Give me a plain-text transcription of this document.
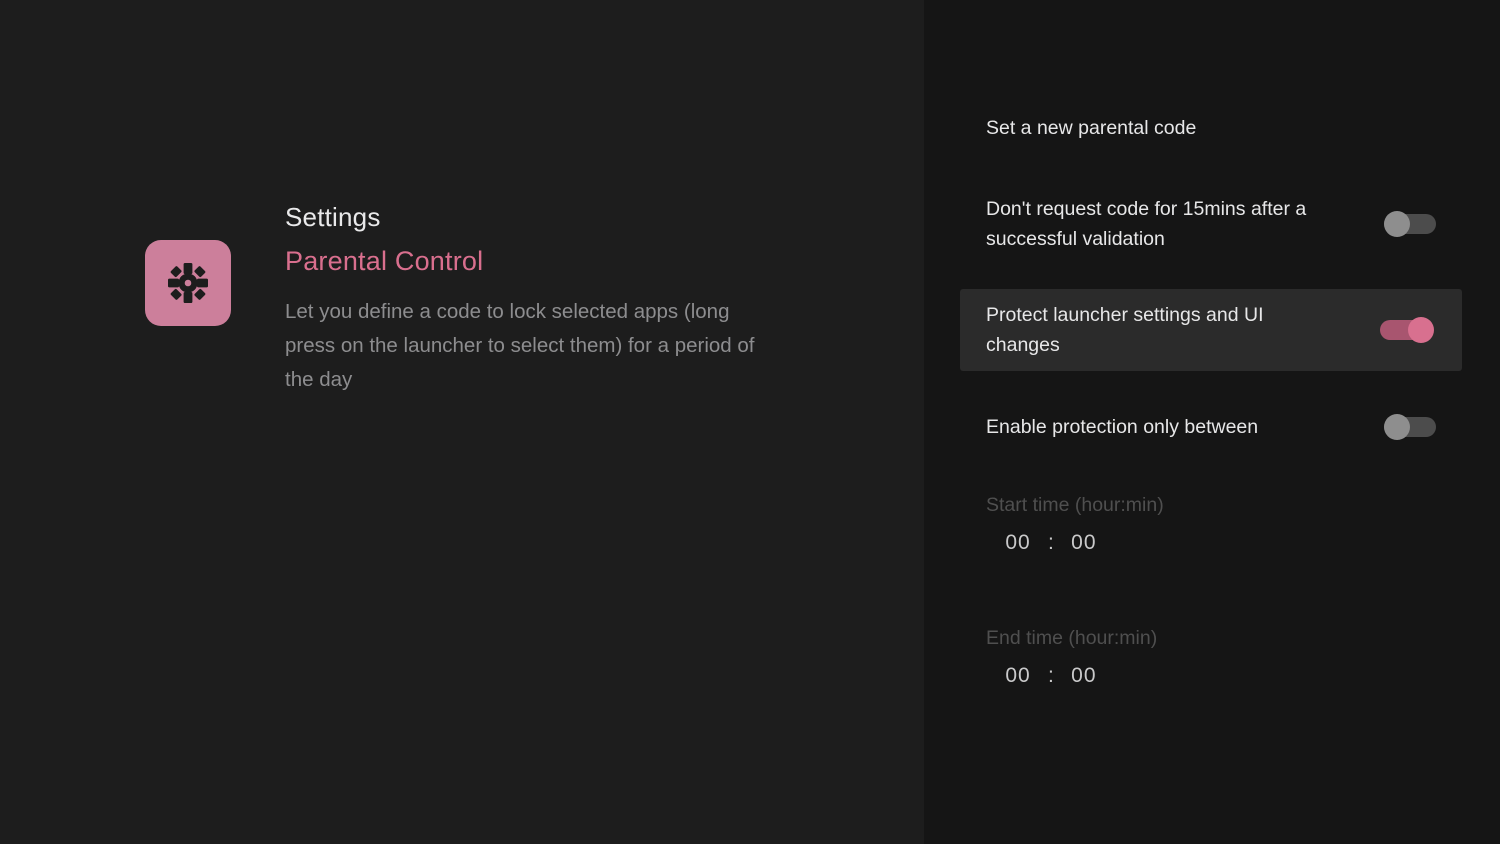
Settings
Parental Control
Let you define a code to lock selected apps (long press on the launcher to select them) for a period of the day
Set a new parental code
Don't request code for 15mins after a successful validation
Protect launcher settings and UI changes
Enable protection only between
Start time (hour:min)
00 : 00
End time (hour:min)
00 : 00
